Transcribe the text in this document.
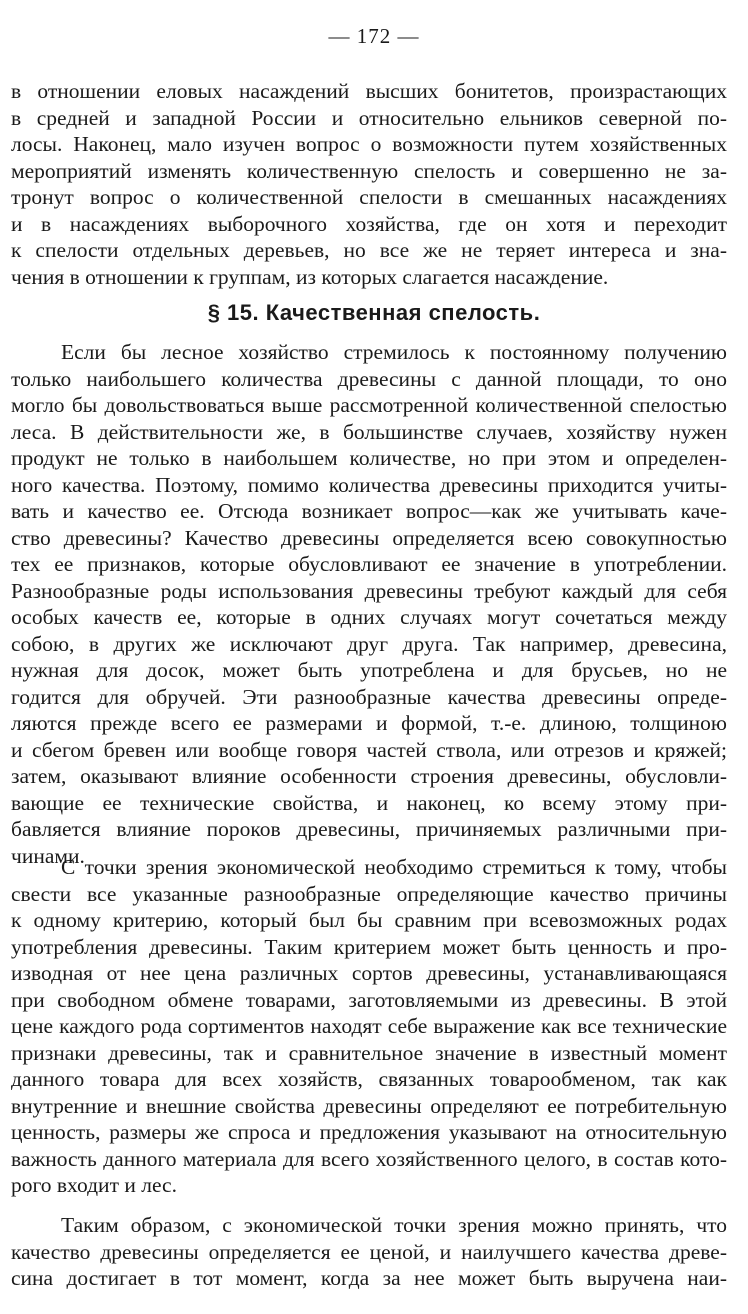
— 172 —
в отношении еловых насаждений высших бонитетов, произрастающих
в средней и западной России и относительно ельников северной по-
лосы. Наконец, мало изучен вопрос о возможности путем хозяйственных
мероприятий изменять количественную спелость и совершенно не за-
тронут вопрос о количественной спелости в смешанных насаждениях
и в насаждениях выборочного хозяйства, где он хотя и переходит
к спелости отдельных деревьев, но все же не теряет интереса и зна-
чения в отношении к группам, из которых слагается насаждение.
§ 15. Качественная спелость.
Если бы лесное хозяйство стремилось к постоянному получению
только наибольшего количества древесины с данной площади, то оно
могло бы довольствоваться выше рассмотренной количественной спелостью
леса. В действительности же, в большинстве случаев, хозяйству нужен
продукт не только в наибольшем количестве, но при этом и определен-
ного качества. Поэтому, помимо количества древесины приходится учиты-
вать и качество ее. Отсюда возникает вопрос—как же учитывать каче-
ство древесины? Качество древесины определяется всею совокупностью
тех ее признаков, которые обусловливают ее значение в употреблении.
Разнообразные роды использования древесины требуют каждый для себя
особых качеств ее, которые в одних случаях могут сочетаться между
собою, в других же исключают друг друга. Так например, древесина,
нужная для досок, может быть употреблена и для брусьев, но не
годится для обручей. Эти разнообразные качества древесины опреде-
ляются прежде всего ее размерами и формой, т.-е. длиною, толщиною
и сбегом бревен или вообще говоря частей ствола, или отрезов и кряжей;
затем, оказывают влияние особенности строения древесины, обусловли-
вающие ее технические свойства, и наконец, ко всему этому при-
бавляется влияние пороков древесины, причиняемых различными при-
чинами.
С точки зрения экономической необходимо стремиться к тому, чтобы
свести все указанные разнообразные определяющие качество причины
к одному критерию, который был бы сравним при всевозможных родах
употребления древесины. Таким критерием может быть ценность и про-
изводная от нее цена различных сортов древесины, устанавливающаяся
при свободном обмене товарами, заготовляемыми из древесины. В этой
цене каждого рода сортиментов находят себе выражение как все технические
признаки древесины, так и сравнительное значение в известный момент
данного товара для всех хозяйств, связанных товарообменом, так как
внутренние и внешние свойства древесины определяют ее потребительную
ценность, размеры же спроса и предложения указывают на относительную
важность данного материала для всего хозяйственного целого, в состав кото-
рого входит и лес.
Таким образом, с экономической точки зрения можно принять, что
качество древесины определяется ее ценой, и наилучшего качества древе-
сина достигает в тот момент, когда за нее может быть выручена наи-
